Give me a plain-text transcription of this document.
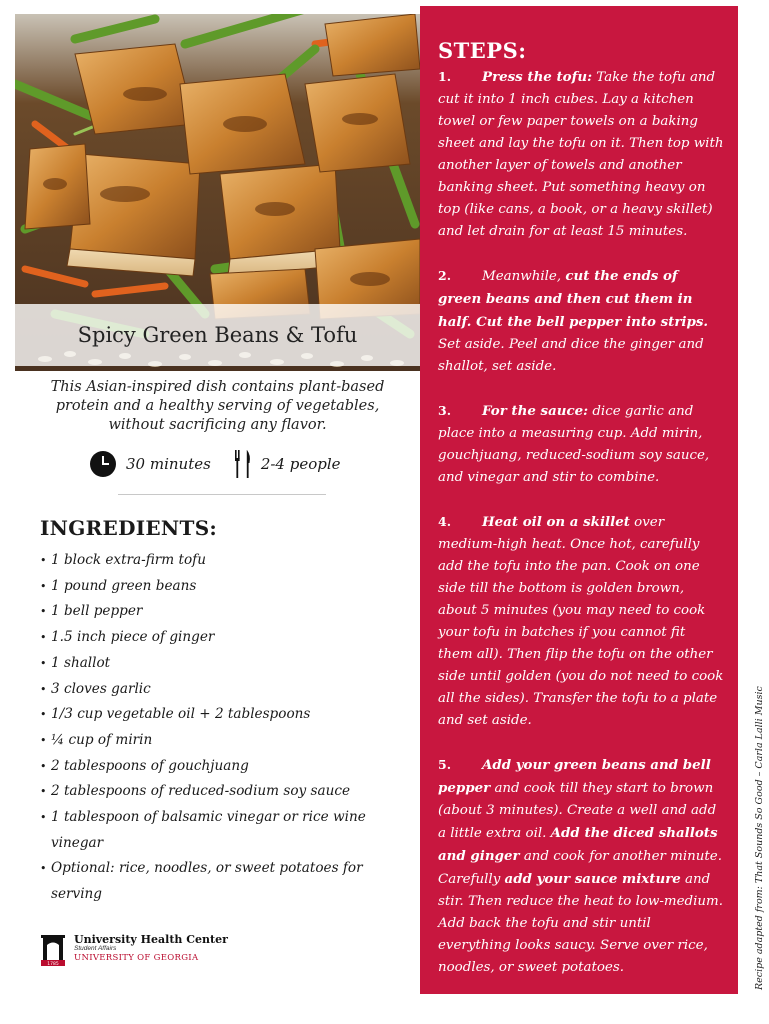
Spicy Green Beans & Tofu

This Asian-inspired dish contains plant-based protein and a healthy serving of vegetables, without sacrificing any flavor.

30 minutes	2-4 people
INGREDIENTS:
• 1 block extra-firm tofu
• 1 pound green beans
• 1 bell pepper
• 1.5 inch piece of ginger
• 1 shallot
• 3 cloves garlic
• 1/3 cup vegetable oil + 2 tablespoons
• ¼ cup of mirin
• 2 tablespoons of gouchjuang
• 2 tablespoons of reduced-sodium soy sauce
• 1 tablespoon of balsamic vinegar or rice wine vinegar
• Optional: rice, noodles, or sweet potatoes for serving
1785
University Health Center
Student Affairs
UNIVERSITY OF GEORGIA
STEPS:

1. Press the tofu: Take the tofu and cut it into 1 inch cubes. Lay a kitchen towel or few paper towels on a baking sheet and lay the tofu on it. Then top with another layer of towels and another banking sheet. Put something heavy on top (like cans, a book, or a heavy skillet) and let drain for at least 15 minutes.

2. Meanwhile, cut the ends of green beans and then cut them in half. Cut the bell pepper into strips. Set aside. Peel and dice the ginger and shallot, set aside.

3. For the sauce: dice garlic and place into a measuring cup. Add mirin, gouchjuang, reduced-sodium soy sauce, and vinegar and stir to combine.

4. Heat oil on a skillet over medium-high heat. Once hot, carefully add the tofu into the pan. Cook on one side till the bottom is golden brown, about 5 minutes (you may need to cook your tofu in batches if you cannot fit them all). Then flip the tofu on the other side until golden (you do not need to cook all the sides). Transfer the tofu to a plate and set aside.

5. Add your green beans and bell pepper and cook till they start to brown (about 3 minutes). Create a well and add a little extra oil. Add the diced shallots and ginger and cook for another minute. Carefully add your sauce mixture and stir. Then reduce the heat to low-medium. Add back the tofu and stir until everything looks saucy. Serve over rice, noodles, or sweet potatoes.	Recipe adapted from: That Sounds So Good – Carla Lalli Music
